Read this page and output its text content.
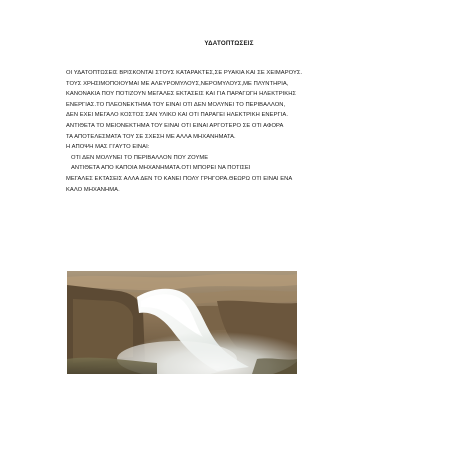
ΥΔΑΤΟΠΤΩΣΕΙΣ
ΟΙ ΥΔΑΤΟΠΤΩΣΕΙΣ ΒΡΙΣΚΟΝΤΑΙ ΣΤΟΥΣ ΚΑΤΑΡΑΚΤΕΣ,ΣΕ ΡΥΑΚΙΑ ΚΑΙ ΣΕ ΧΕΙΜΑΡΟΥΣ.
ΤΟΥΣ ΧΡΗΣΙΜΟΠΟΙΟΥΜΑΙ ΜΕ ΑΛΕΥΡΟΜΥΛΟΥΣ,ΝΕΡΟΜΥΛΟΥΣ,ΜΕ ΠΛΥΝΤΗΡΙΑ,
ΚΑΝΟΝΑΚΙΑ ΠΟΥ ΠΟΤΙΖΟΥΝ ΜΕΓΑΛΕΣ ΕΚΤΑΣΕΙΣ ΚΑΙ ΓΙΑ ΠΑΡΑΓΩΓΗ ΗΛΕΚΤΡΙΚΗΣ
ΕΝΕΡΓΙΑΣ.ΤΟ ΠΛΕΟΝΕΚΤΗΜΑ ΤΟΥ ΕΙΝΑΙ ΟΤΙ ΔΕΝ ΜΟΛΥΝΕΙ ΤΟ ΠΕΡΙΒΑΛΛΟΝ,
ΔΕΝ ΕΧΕΙ ΜΕΓΑΛΟ ΚΟΣΤΟΣ ΣΑΝ ΥΛΙΚΟ ΚΑΙ ΟΤΙ ΠΑΡΑΓΕΙ ΗΛΕΚΤΡΙΚΗ ΕΝΕΡΓΙΑ.
ΑΝΤΙΘΕΤΑ ΤΟ ΜΕΙΟΝΕΚΤΗΜΑ ΤΟΥ ΕΙΝΑΙ ΟΤΙ ΕΙΝΑΙ ΑΡΓΟΤΕΡΟ ΣΕ ΟΤΙ ΑΦΟΡΑ
ΤΑ ΑΠΟΤΕΛΕΣΜΑΤΑ ΤΟΥ ΣΕ ΣΧΕΣΗ ΜΕ ΑΛΛΑ ΜΗΧΑΝΗΜΑΤΑ.
Η ΑΠΟΨΗ ΜΑΣ ΓΙ'ΑΥΤΟ ΕΙΝΑΙ:
ΟΤΙ ΔΕΝ ΜΟΛΥΝΕΙ ΤΟ ΠΕΡΙΒΑΛΛΟΝ ΠΟΥ ΖΟΥΜΕ
ΑΝΤΙΘΕΤΑ ΑΠΟ ΚΑΠΟΙΑ ΜΗΧΑΝΗΜΑΤΑ.ΟΤΙ ΜΠΟΡΕΙ ΝΑ ΠΟΤΙΣΕΙ
ΜΕΓΑΛΕΣ ΕΚΤΑΣΕΙΣ ΑΛΛΑ ΔΕΝ ΤΟ ΚΑΝΕΙ ΠΟΛΥ ΓΡΗΓΟΡΑ.ΘΕΩΡΩ ΟΤΙ ΕΙΝΑΙ ΕΝΑ
ΚΑΛΟ ΜΗΧΑΝΗΜΑ.
